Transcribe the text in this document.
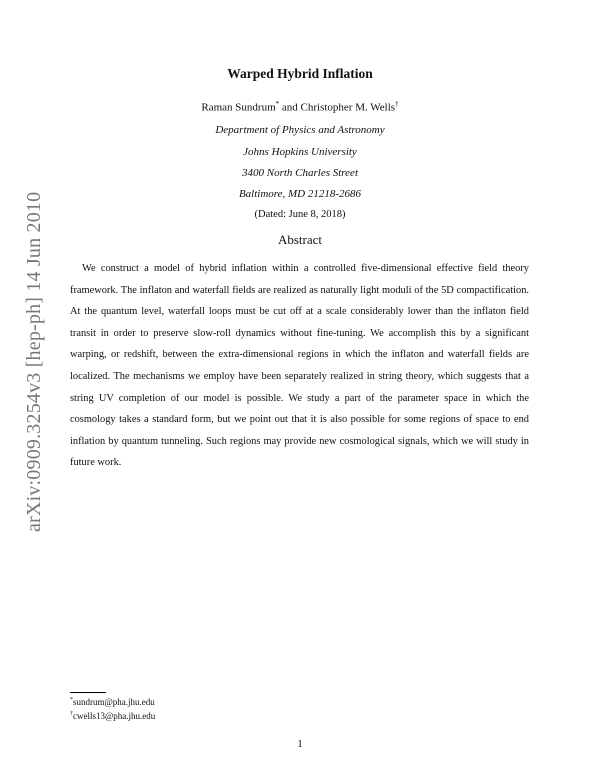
arXiv:0909.3254v3 [hep-ph] 14 Jun 2010
Warped Hybrid Inflation
Raman Sundrum* and Christopher M. Wells†
Department of Physics and Astronomy
Johns Hopkins University
3400 North Charles Street
Baltimore, MD 21218-2686
(Dated: June 8, 2018)
Abstract
We construct a model of hybrid inflation within a controlled five-dimensional effective field theory framework. The inflaton and waterfall fields are realized as naturally light moduli of the 5D compactification. At the quantum level, waterfall loops must be cut off at a scale considerably lower than the inflaton field transit in order to preserve slow-roll dynamics without fine-tuning. We accomplish this by a significant warping, or redshift, between the extra-dimensional regions in which the inflaton and waterfall fields are localized. The mechanisms we employ have been separately realized in string theory, which suggests that a string UV completion of our model is possible. We study a part of the parameter space in which the cosmology takes a standard form, but we point out that it is also possible for some regions of space to end inflation by quantum tunneling. Such regions may provide new cosmological signals, which we will study in future work.
*sundrum@pha.jhu.edu
†cwells13@pha.jhu.edu
1
